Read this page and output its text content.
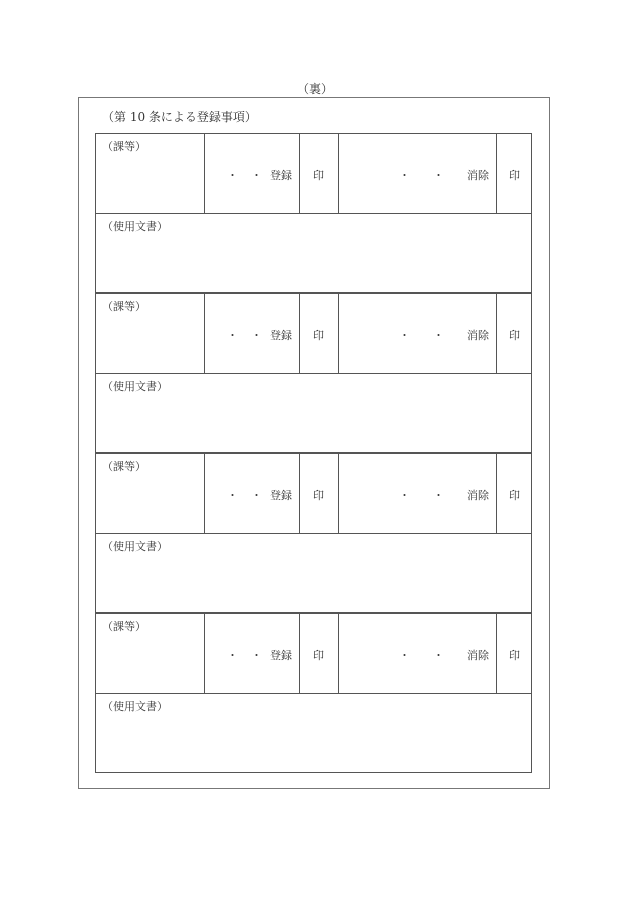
（裏）
（第 10 条による登録事項）
（課等）
・ ・ 登録 印	・ ・ 消除 印
（使用文書）
（課等）
・ ・ 登録 印	・ ・ 消除 印
（使用文書）
（課等）
・ ・ 登録 印	・ ・ 消除 印
（使用文書）
（課等）
・ ・ 登録 印	・ ・ 消除 印
（使用文書）
